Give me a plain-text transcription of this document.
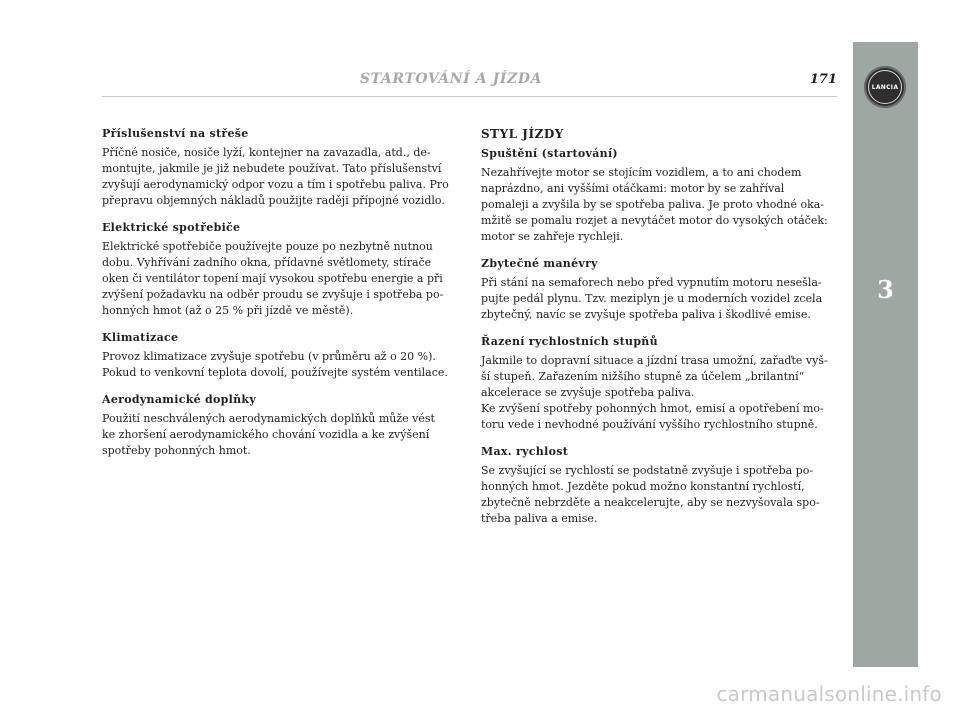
LANCIA
3
STARTOVÁNÍ A JÍZDA	171
Příslušenství na střeše

Příčné nosiče, nosiče lyží, kontejner na zavazadla, atd., de-
montujte, jakmile je již nebudete používat. Tato příslušenství
zvyšují aerodynamický odpor vozu a tím i spotřebu paliva. Pro
přepravu objemných nákladů použijte raději přípojné vozidlo.

Elektrické spotřebiče

Elektrické spotřebiče používejte pouze po nezbytně nutnou
dobu. Vyhřívání zadního okna, přídavné světlomety, stírače
oken či ventilátor topení mají vysokou spotřebu energie a při
zvýšení požadavku na odběr proudu se zvyšuje i spotřeba po-
honných hmot (až o 25 % při jízdě ve městě).

Klimatizace

Provoz klimatizace zvyšuje spotřebu (v průměru až o 20 %).
Pokud to venkovní teplota dovolí, používejte systém ventilace.

Aerodynamické doplňky

Použití neschválených aerodynamických doplňků může vést
ke zhoršení aerodynamického chování vozidla a ke zvýšení
spotřeby pohonných hmot.

STYL JÍZDY
Spuštění (startování)

Nezahřívejte motor se stojícím vozidlem, a to ani chodem
naprázdno, ani vyššími otáčkami: motor by se zahříval
pomaleji a zvyšila by se spotřeba paliva. Je proto vhodné oka-
mžitě se pomalu rozjet a nevytáčet motor do vysokých otáček:
motor se zahřeje rychleji.

Zbytečné manévry

Při stání na semaforech nebo před vypnutím motoru nesešla-
pujte pedál plynu. Tzv. meziplyn je u moderních vozidel zcela
zbytečný, navíc se zvyšuje spotřeba paliva i škodlivé emise.

Řazení rychlostních stupňů

Jakmile to dopravní situace a jízdní trasa umožní, zařaďte vyš-
ší stupeň. Zařazením nižšího stupně za účelem „brilantní“
akcelerace se zvyšuje spotřeba paliva.
Ke zvýšení spotřeby pohonných hmot, emisí a opotřebení mo-
toru vede i nevhodné používání vyššího rychlostního stupně.

Max. rychlost

Se zvyšující se rychlostí se podstatně zvyšuje i spotřeba po-
honných hmot. Jezděte pokud možno konstantní rychlostí,
zbytečně nebrzděte a neakcelerujte, aby se nezvyšovala spo-
třeba paliva a emise.

carmanualsonline.info
